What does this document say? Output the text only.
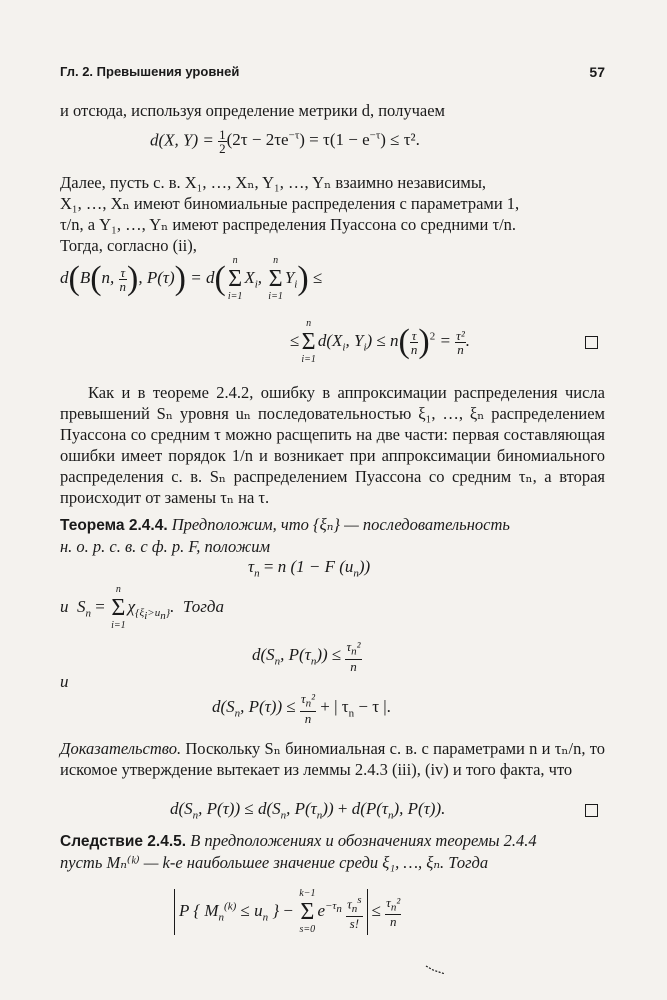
Гл. 2. Превышения уровней	57
и отсюда, используя определение метрики d, получаем
d(X, $Y) = \frac{1}{2} (2\tau - 2\tau e^{-\tau}) = \tau(1 - e^{-\tau}) \le \tau^2$.
Далее, пусть с. в. X₁, …, Xₙ, Y₁, …, Yₙ взаимно независимы,
X₁, …, Xₙ имеют биномиальные распределения с параметрами 1,
τ/n, а Y₁, …, Yₙ имеют распределения Пуассона со средними τ/n.
Тогда, согласно (ii),
d(B(n, $\frac{\tau}{n}$ ), P(τ)) = d( n
Σ
i=1
$X_i$,
n
Σ
i=1
$Y_i$) ≤
≤
n
Σ
i=1
$d(X_i$, $Y_i) \le n( \frac{\tau}{n} )^2 = \frac{\text{τ²}}{n}$ .
Как и в теореме 2.4.2, ошибку в аппроксимации распределения числа превышений Sₙ уровня uₙ последовательностью ξ₁, …, ξₙ распределением Пуассона со средним τ можно расщепить на две части: первая составляющая ошибки имеет порядок 1/n и возникает при аппроксимации биномиального распределения с. в. Sₙ распределением Пуассона со средним τₙ, а вторая происходит от замены τₙ на τ.
Теорема 2.4.4. Предположим, что {ξₙ} — последовательность
н. о. р. с. в. с ф. р. F, положим
$\tau_n = n$ (1 − F $(u_n)$)
и  $S_n$ =
n
Σ
i=1
$\chi_{\{\xi_i>u_n\}}$.  Тогда
$d(S_n$, $P(\tau_n)) \le \frac{\tau_n^2}{n}$
и
$d(S_n$, $P(\tau)) \le \frac{\tau_n^2}{n}$ + | $\tau_n - \tau$ |.
Доказательство. Поскольку Sₙ биномиальная с. в. с параметрами n и τₙ/n, то искомое утверждение вытекает из леммы 2.4.3 (iii), (iv) и того факта, что
$d(S_n$, $P(\tau)) \le d(S_n$, $P(\tau_n)) + d(P(\tau_n)$, P(τ)).
Следствие 2.4.5. В предположениях и обозначениях теоремы 2.4.4
пусть Mₙ⁽ᵏ⁾ — k-е наибольшее значение среди ξ₁, …, ξₙ. Тогда
P { $M_n^{(k)} \le u_n$ } −
k−1
Σ
s=0
$e^{-\tau_n} \frac{\tau_n^s}{s!} \le \frac{\tau_n^2}{n}$
